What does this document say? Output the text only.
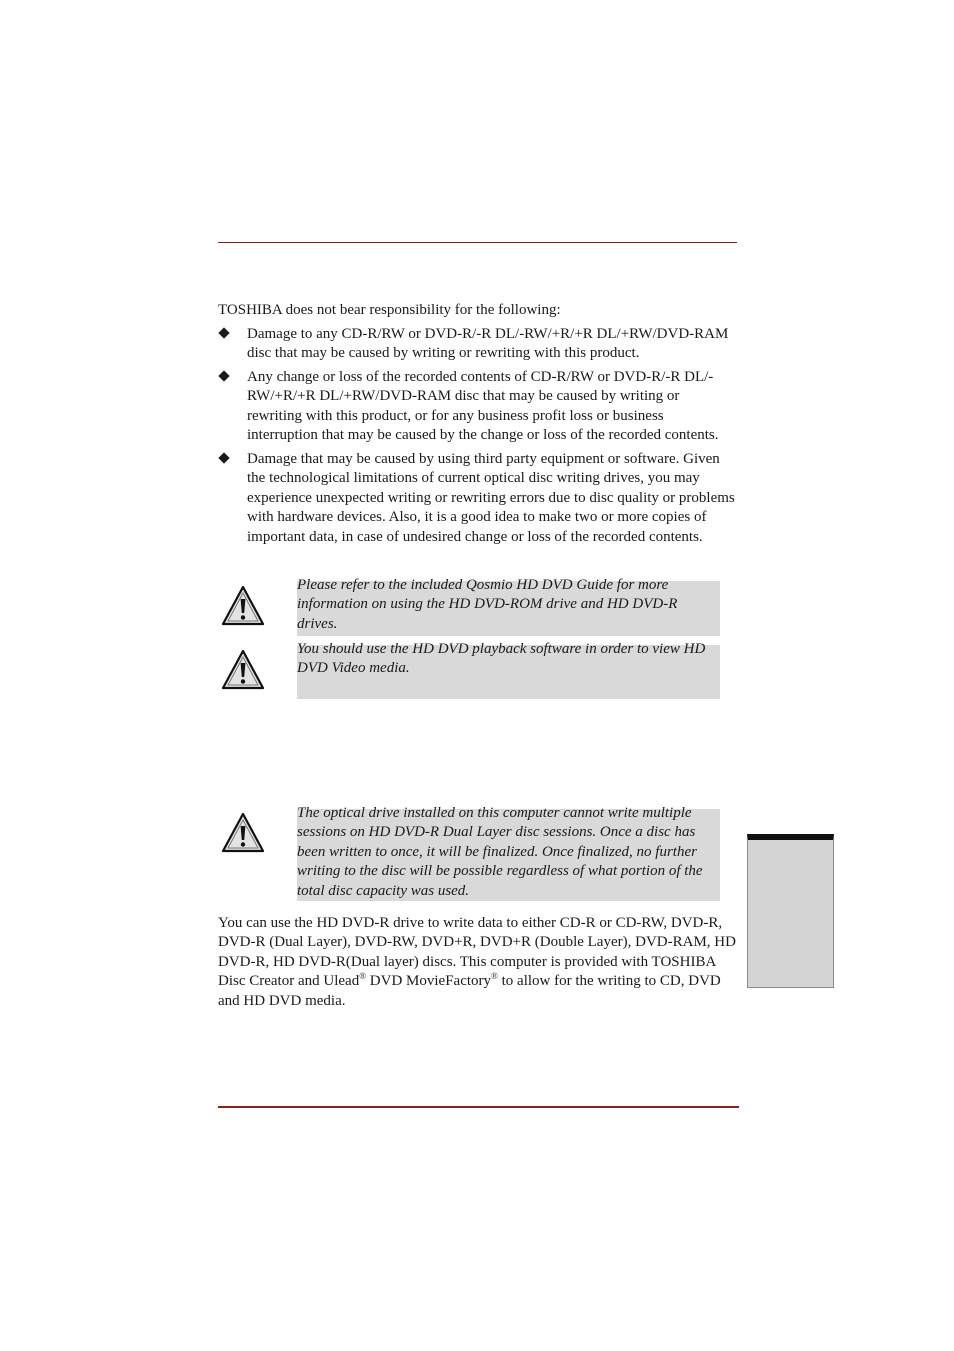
TOSHIBA does not bear responsibility for the following:

Damage to any CD-R/RW or DVD-R/-R DL/-RW/+R/+R DL/+RW/DVD-RAM disc that may be caused by writing or rewriting with this product.
Any change or loss of the recorded contents of CD-R/RW or DVD-R/-R DL/-RW/+R/+R DL/+RW/DVD-RAM disc that may be caused by writing or rewriting with this product, or for any business profit loss or business interruption that may be caused by the change or loss of the recorded contents.
Damage that may be caused by using third party equipment or software. Given the technological limitations of current optical disc writing drives, you may experience unexpected writing or rewriting errors due to disc quality or problems with hardware devices. Also, it is a good idea to make two or more copies of important data, in case of undesired change or loss of the recorded contents.

Please refer to the included Qosmio HD DVD Guide for more information on using the HD DVD-ROM drive and HD DVD-R drives.

You should use the HD DVD playback software in order to view HD DVD Video media.

The optical drive installed on this computer cannot write multiple sessions on HD DVD-R Dual Layer disc sessions. Once a disc has been written to once, it will be finalized. Once finalized, no further writing to the disc will be possible regardless of what portion of the total disc capacity was used.

You can use the HD DVD-R drive to write data to either CD-R or CD-RW, DVD-R, DVD-R (Dual Layer), DVD-RW, DVD+R, DVD+R (Double Layer), DVD-RAM, HD DVD-R, HD DVD-R(Dual layer) discs. This computer is provided with TOSHIBA Disc Creator and Ulead® DVD MovieFactory® to allow for the writing to CD, DVD and HD DVD media.
